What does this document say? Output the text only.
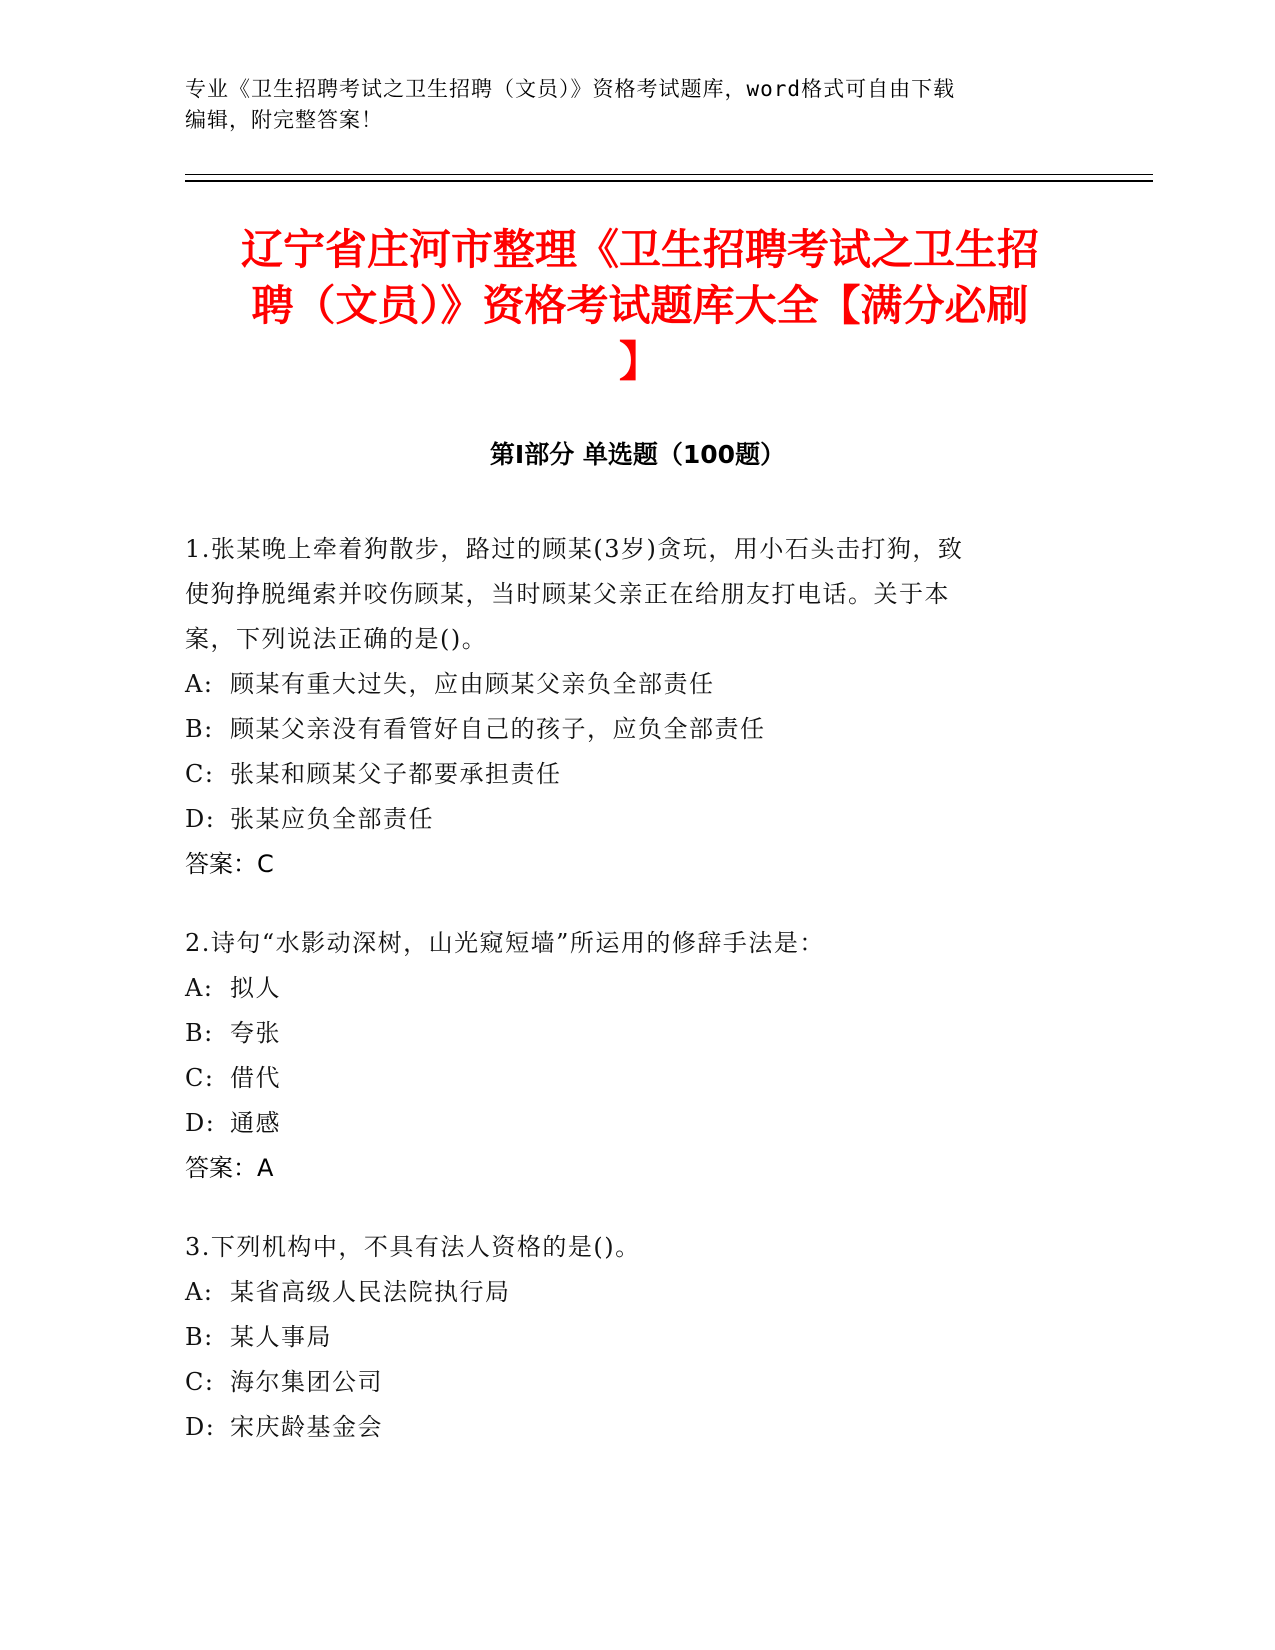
专业《卫生招聘考试之卫生招聘（文员）》资格考试题库，word格式可自由下载
编辑，附完整答案！
辽宁省庄河市整理《卫生招聘考试之卫生招
聘（文员）》资格考试题库大全【满分必刷
】
第Ⅰ部分 单选题（100题）

1.张某晚上牵着狗散步，路过的顾某(3岁)贪玩，用小石头击打狗，致

使狗挣脱绳索并咬伤顾某，当时顾某父亲正在给朋友打电话。关于本

案，下列说法正确的是()。

A: 顾某有重大过失，应由顾某父亲负全部责任

B: 顾某父亲没有看管好自己的孩子，应负全部责任

C: 张某和顾某父子都要承担责任

D: 张某应负全部责任

答案：C

2.诗句“水影动深树，山光窥短墙”所运用的修辞手法是：

A: 拟人

B: 夸张

C: 借代

D: 通感

答案：A

3.下列机构中，不具有法人资格的是()。

A: 某省高级人民法院执行局

B: 某人事局

C: 海尔集团公司

D: 宋庆龄基金会
